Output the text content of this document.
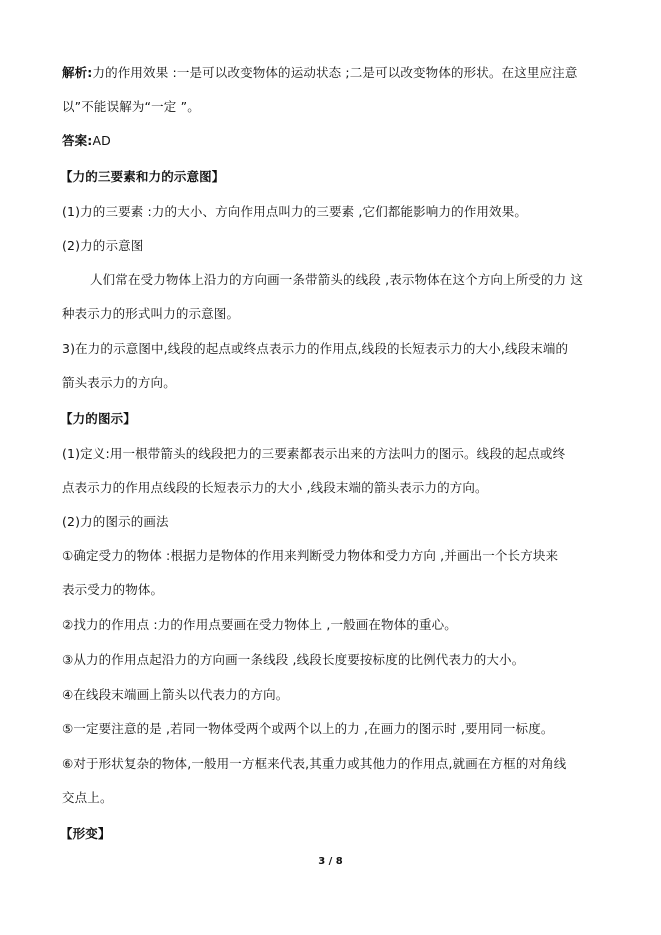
解析:力的作用效果 :一是可以改变物体的运动状态 ;二是可以改变物体的形状。在这里应注意
以”不能误解为“一定 ”。
答案:AD
【力的三要素和力的示意图】
(1)力的三要素 :力的大小、方向作用点叫力的三要素 ,它们都能影响力的作用效果。
(2)力的示意图
人们常在受力物体上沿力的方向画一条带箭头的线段 ,表示物体在这个方向上所受的力 这
种表示力的形式叫力的示意图。
3)在力的示意图中,线段的起点或终点表示力的作用点,线段的长短表示力的大小,线段末端的
箭头表示力的方向。
【力的图示】
(1)定义:用一根带箭头的线段把力的三要素都表示出来的方法叫力的图示。线段的起点或终
点表示力的作用点线段的长短表示力的大小 ,线段末端的箭头表示力的方向。
(2)力的图示的画法
①确定受力的物体 :根据力是物体的作用来判断受力物体和受力方向 ,并画出一个长方块来
表示受力的物体。
②找力的作用点 :力的作用点要画在受力物体上 ,一般画在物体的重心。
③从力的作用点起沿力的方向画一条线段 ,线段长度要按标度的比例代表力的大小。
④在线段末端画上箭头以代表力的方向。
⑤一定要注意的是 ,若同一物体受两个或两个以上的力 ,在画力的图示时 ,要用同一标度。
⑥对于形状复杂的物体,一般用一方框来代表,其重力或其他力的作用点,就画在方框的对角线
交点上。
【形变】
3 / 8
